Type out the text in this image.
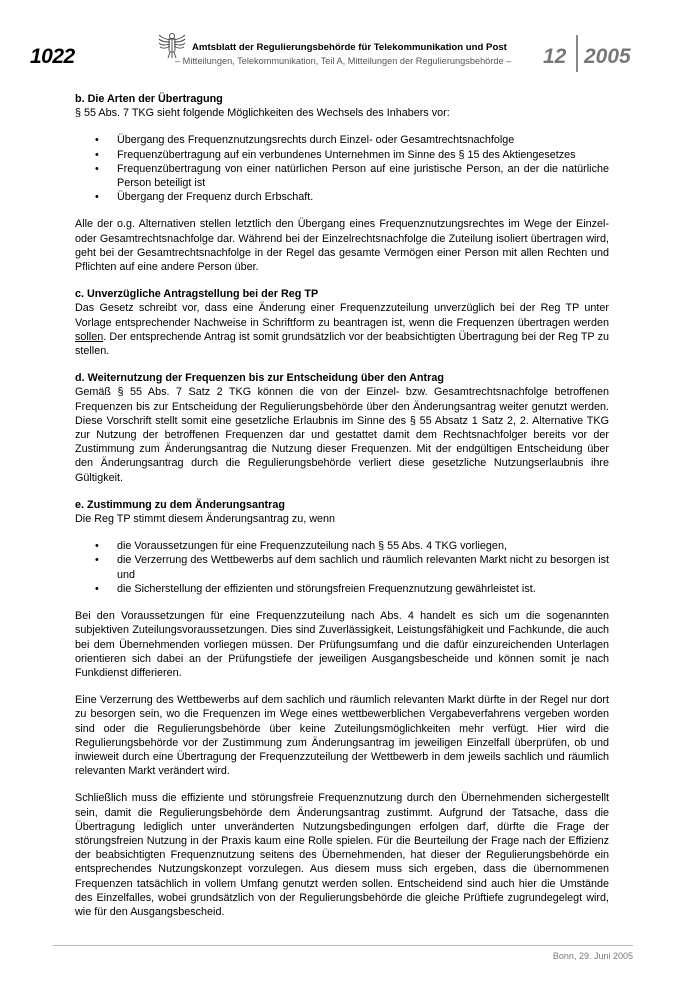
1022	Amtsblatt der Regulierungsbehörde für Telekommunikation und Post
– Mitteilungen, Telekommunikation, Teil A, Mitteilungen der Regulierungsbehörde – 12 2005

b. Die Arten der Übertragung

§ 55 Abs. 7 TKG sieht folgende Möglichkeiten des Wechsels des Inhabers vor:

• Übergang des Frequenznutzungsrechts durch Einzel- oder Gesamtrechtsnachfolge
• Frequenzübertragung auf ein verbundenes Unternehmen im Sinne des § 15 des Aktiengesetzes
• Frequenzübertragung von einer natürlichen Person auf eine juristische Person, an der die natürliche Person beteiligt ist
• Übergang der Frequenz durch Erbschaft.

Alle der o.g. Alternativen stellen letztlich den Übergang eines Frequenznutzungsrechtes im Wege der Einzel- oder Gesamtrechtsnachfolge dar. Während bei der Einzelrechtsnachfolge die Zuteilung isoliert übertragen wird, geht bei der Gesamtrechtsnachfolge in der Regel das gesamte Vermögen einer Person mit allen Rechten und Pflichten auf eine andere Person über.

c. Unverzügliche Antragstellung bei der Reg TP

Das Gesetz schreibt vor, dass eine Änderung einer Frequenzzuteilung unverzüglich bei der Reg TP unter Vorlage entsprechender Nachweise in Schriftform zu beantragen ist, wenn die Frequenzen übertragen werden sollen. Der entsprechende Antrag ist somit grundsätzlich vor der beabsichtigten Übertragung bei der Reg TP zu stellen.

d. Weiternutzung der Frequenzen bis zur Entscheidung über den Antrag

Gemäß § 55 Abs. 7 Satz 2 TKG können die von der Einzel- bzw. Gesamtrechtsnachfolge betroffenen Frequenzen bis zur Entscheidung der Regulierungsbehörde über den Änderungsantrag weiter genutzt werden. Diese Vorschrift stellt somit eine gesetzliche Erlaubnis im Sinne des § 55 Absatz 1 Satz 2, 2. Alternative TKG zur Nutzung der betroffenen Frequenzen dar und gestattet damit dem Rechtsnachfolger bereits vor der Zustimmung zum Änderungsantrag die Nutzung dieser Frequenzen. Mit der endgültigen Entscheidung über den Änderungsantrag durch die Regulierungsbehörde verliert diese gesetzliche Nutzungserlaubnis ihre Gültigkeit.

e. Zustimmung zu dem Änderungsantrag

Die Reg TP stimmt diesem Änderungsantrag zu, wenn

• die Voraussetzungen für eine Frequenzzuteilung nach § 55 Abs. 4 TKG vorliegen,
• die Verzerrung des Wettbewerbs auf dem sachlich und räumlich relevanten Markt nicht zu besorgen ist und
• die Sicherstellung der effizienten und störungsfreien Frequenznutzung gewährleistet ist.

Bei den Voraussetzungen für eine Frequenzzuteilung nach Abs. 4 handelt es sich um die sogenannten subjektiven Zuteilungsvoraussetzungen. Dies sind Zuverlässigkeit, Leistungsfähigkeit und Fachkunde, die auch bei dem Übernehmenden vorliegen müssen. Der Prüfungsumfang und die dafür einzureichenden Unterlagen orientieren sich dabei an der Prüfungstiefe der jeweiligen Ausgangsbescheide und können somit je nach Funkdienst differieren.

Eine Verzerrung des Wettbewerbs auf dem sachlich und räumlich relevanten Markt dürfte in der Regel nur dort zu besorgen sein, wo die Frequenzen im Wege eines wettbewerblichen Vergabeverfahrens vergeben worden sind oder die Regulierungsbehörde über keine Zuteilungsmöglichkeiten mehr verfügt. Hier wird die Regulierungsbehörde vor der Zustimmung zum Änderungsantrag im jeweiligen Einzelfall überprüfen, ob und inwieweit durch eine Übertragung der Frequenzzuteilung der Wettbewerb in dem jeweils sachlich und räumlich relevanten Markt verändert wird.

Schließlich muss die effiziente und störungsfreie Frequenznutzung durch den Übernehmenden sichergestellt sein, damit die Regulierungsbehörde dem Änderungsantrag zustimmt. Aufgrund der Tatsache, dass die Übertragung lediglich unter unveränderten Nutzungsbedingungen erfolgen darf, dürfte die Frage der störungsfreien Nutzung in der Praxis kaum eine Rolle spielen. Für die Beurteilung der Frage nach der Effizienz der beabsichtigten Frequenznutzung seitens des Übernehmenden, hat dieser der Regulierungsbehörde ein entsprechendes Nutzungskonzept vorzulegen. Aus diesem muss sich ergeben, dass die übernommenen Frequenzen tatsächlich in vollem Umfang genutzt werden sollen. Entscheidend sind auch hier die Umstände des Einzelfalles, wobei grundsätzlich von der Regulierungsbehörde die gleiche Prüftiefe zugrundegelegt wird, wie für den Ausgangsbescheid.

Bonn, 29. Juni 2005
